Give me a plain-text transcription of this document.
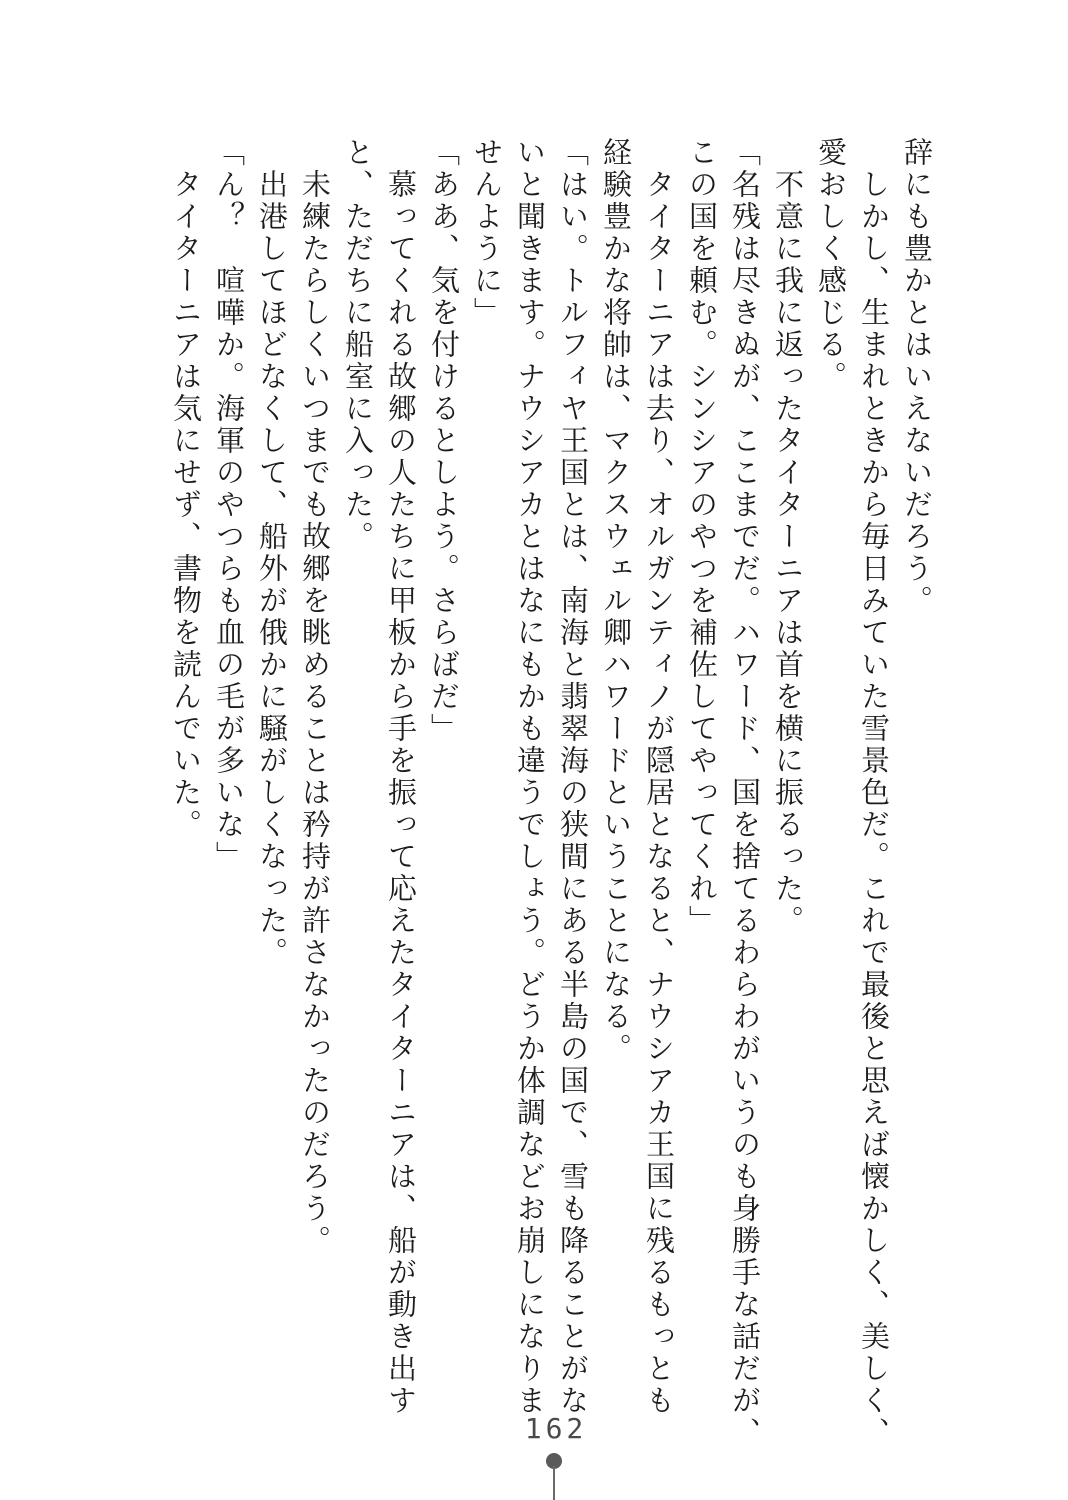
辞にも豊かとはいえないだろう。

しかし、生まれときから毎日みていた雪景色だ。これで最後と思えば懐かしく、美しく、

愛おしく感じる。

不意に我に返ったタイターニアは首を横に振るった。

「名残は尽きぬが、ここまでだ。ハワード、国を捨てるわらわがいうのも身勝手な話だが、

この国を頼む。シンシアのやつを補佐してやってくれ」

タイターニアは去り、オルガンティノが隠居となると、ナウシアカ王国に残るもっとも

経験豊かな将帥は、マクスウェル卿ハワードということになる。

「はい。トルフィヤ王国とは、南海と翡翠海の狭間にある半島の国で、雪も降ることがな

いと聞きます。ナウシアカとはなにもかも違うでしょう。どうか体調などお崩しになりま

せんように」

「ああ、気を付けるとしよう。さらばだ」

慕ってくれる故郷の人たちに甲板から手を振って応えたタイターニアは、船が動き出す

と、ただちに船室に入った。

未練たらしくいつまでも故郷を眺めることは矜持が許さなかったのだろう。

出港してほどなくして、船外が俄かに騒がしくなった。

「ん？　喧嘩か。海軍のやつらも血の毛が多いな」

タイターニアは気にせず、書物を読んでいた。

162
